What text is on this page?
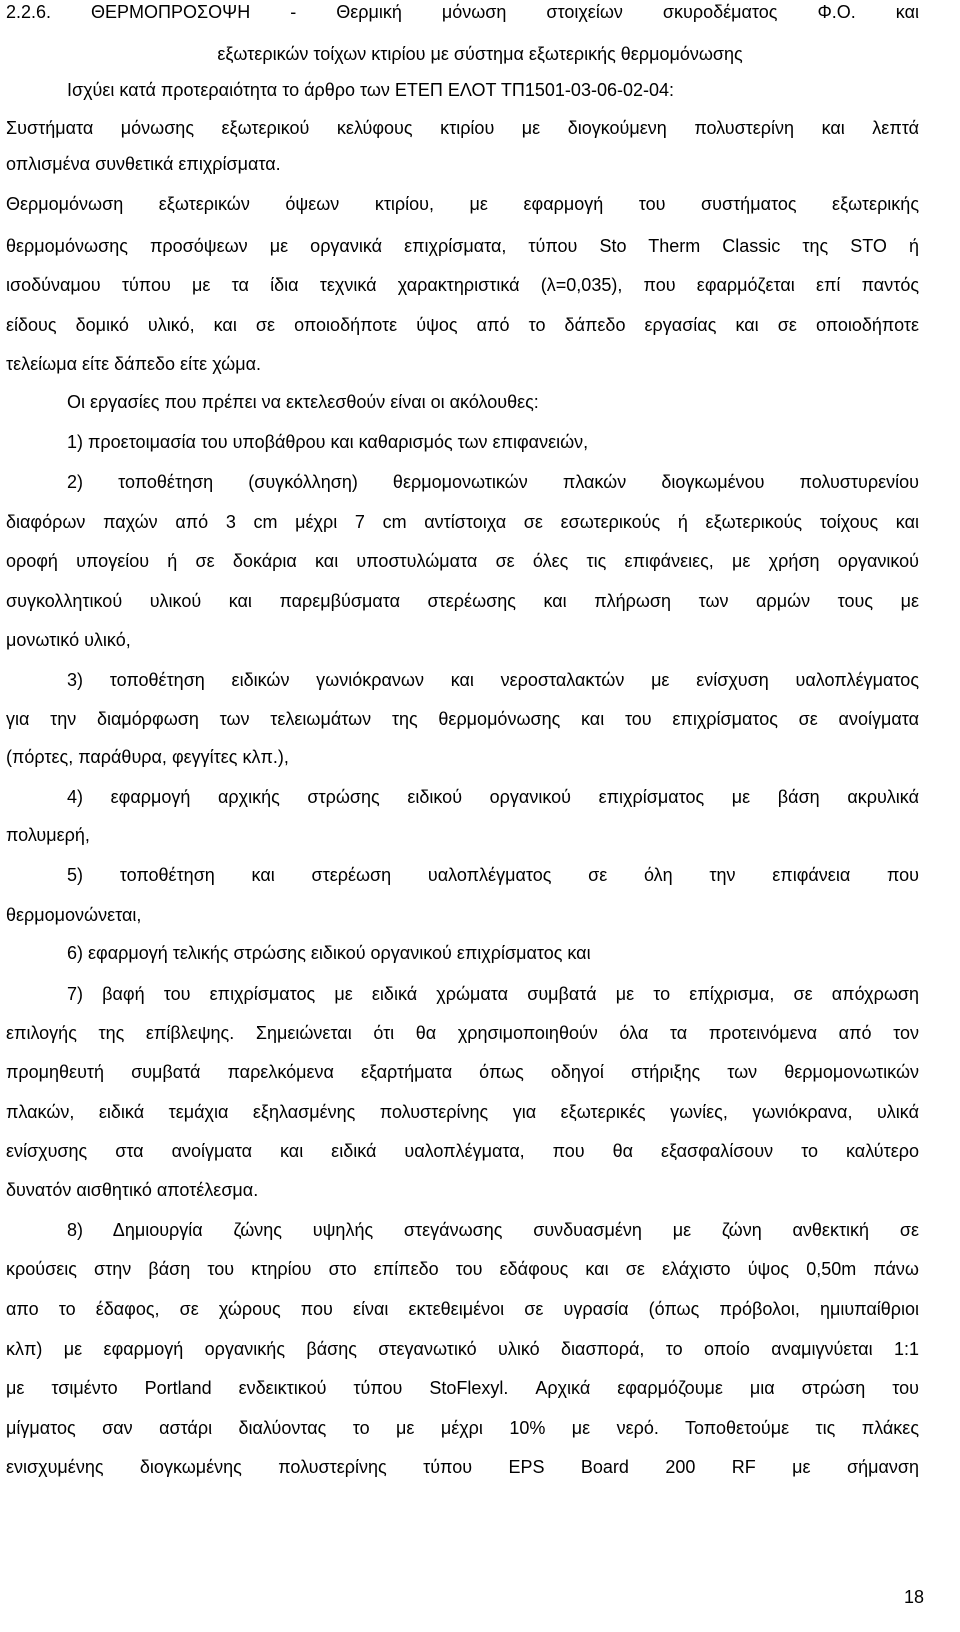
2.2.6. ΘΕΡΜΟΠΡΟΣΟΨΗ - Θερμική μόνωση στοιχείων σκυροδέματος Φ.Ο. και
εξωτερικών τοίχων κτιρίου με σύστημα εξωτερικής θερμομόνωσης
Ισχύει κατά προτεραιότητα το άρθρο των ΕΤΕΠ ΕΛΟΤ ΤΠ1501-03-06-02-04:
Συστήματα μόνωσης εξωτερικού κελύφους κτιρίου με διογκούμενη πολυστερίνη και λεπτά
οπλισμένα συνθετικά επιχρίσματα.
Θερμομόνωση εξωτερικών όψεων κτιρίου, με εφαρμογή του συστήματος εξωτερικής
θερμομόνωσης προσόψεων με οργανικά επιχρίσματα, τύπου Sto Therm Classic της STO ή
ισοδύναμου τύπου με τα ίδια τεχνικά χαρακτηριστικά (λ=0,035), που εφαρμόζεται επί παντός
είδους δομικό υλικό, και σε οποιοδήποτε ύψος από το δάπεδο εργασίας και σε οποιοδήποτε
τελείωμα είτε δάπεδο είτε χώμα.
Οι εργασίες που πρέπει να εκτελεσθούν είναι οι ακόλουθες:
1) προετοιμασία του υποβάθρου και καθαρισμός των επιφανειών,
2) τοποθέτηση (συγκόλληση) θερμομονωτικών πλακών διογκωμένου πολυστυρενίου
διαφόρων παχών από 3 cm μέχρι 7 cm αντίστοιχα σε εσωτερικούς ή εξωτερικούς τοίχους και
οροφή υπογείου ή σε δοκάρια και υποστυλώματα σε όλες τις επιφάνειες, με χρήση οργανικού
συγκολλητικού υλικού και παρεμβύσματα στερέωσης και πλήρωση των αρμών τους με
μονωτικό υλικό,
3) τοποθέτηση ειδικών γωνιόκρανων και νεροσταλακτών με ενίσχυση υαλοπλέγματος
για την διαμόρφωση των τελειωμάτων της θερμομόνωσης και του επιχρίσματος σε ανοίγματα
(πόρτες, παράθυρα, φεγγίτες κλπ.),
4) εφαρμογή αρχικής στρώσης ειδικού οργανικού επιχρίσματος με βάση ακρυλικά
πολυμερή,
5) τοποθέτηση και στερέωση υαλοπλέγματος σε όλη την επιφάνεια που
θερμομονώνεται,
6) εφαρμογή τελικής στρώσης ειδικού οργανικού επιχρίσματος και
7) βαφή του επιχρίσματος με ειδικά χρώματα συμβατά με το επίχρισμα, σε απόχρωση
επιλογής της επίβλεψης. Σημειώνεται ότι θα χρησιμοποιηθούν όλα τα προτεινόμενα από τον
προμηθευτή συμβατά παρελκόμενα εξαρτήματα όπως οδηγοί στήριξης των θερμομονωτικών
πλακών, ειδικά τεμάχια εξηλασμένης πολυστερίνης για εξωτερικές γωνίες, γωνιόκρανα, υλικά
ενίσχυσης στα ανοίγματα και ειδικά υαλοπλέγματα, που θα εξασφαλίσουν το καλύτερο
δυνατόν αισθητικό αποτέλεσμα.
8) Δημιουργία ζώνης υψηλής στεγάνωσης συνδυασμένη με ζώνη ανθεκτική σε
κρούσεις στην βάση του κτηρίου στο επίπεδο του εδάφους και σε ελάχιστο ύψος 0,50m πάνω
απο το έδαφος, σε χώρους που είναι εκτεθειμένοι σε υγρασία (όπως πρόβολοι, ημιυπαίθριοι
κλπ) με εφαρμογή οργανικής βάσης στεγανωτικό υλικό διασπορά, το οποίο αναμιγνύεται 1:1
με τσιμέντο Portland ενδεικτικού τύπου StoFlexyl. Αρχικά εφαρμόζουμε μια στρώση του
μίγματος σαν αστάρι διαλύοντας το με μέχρι 10% με νερό. Τοποθετούμε τις πλάκες
ενισχυμένης διογκωμένης πολυστερίνης τύπου EPS Board 200 RF με σήμανση
18
